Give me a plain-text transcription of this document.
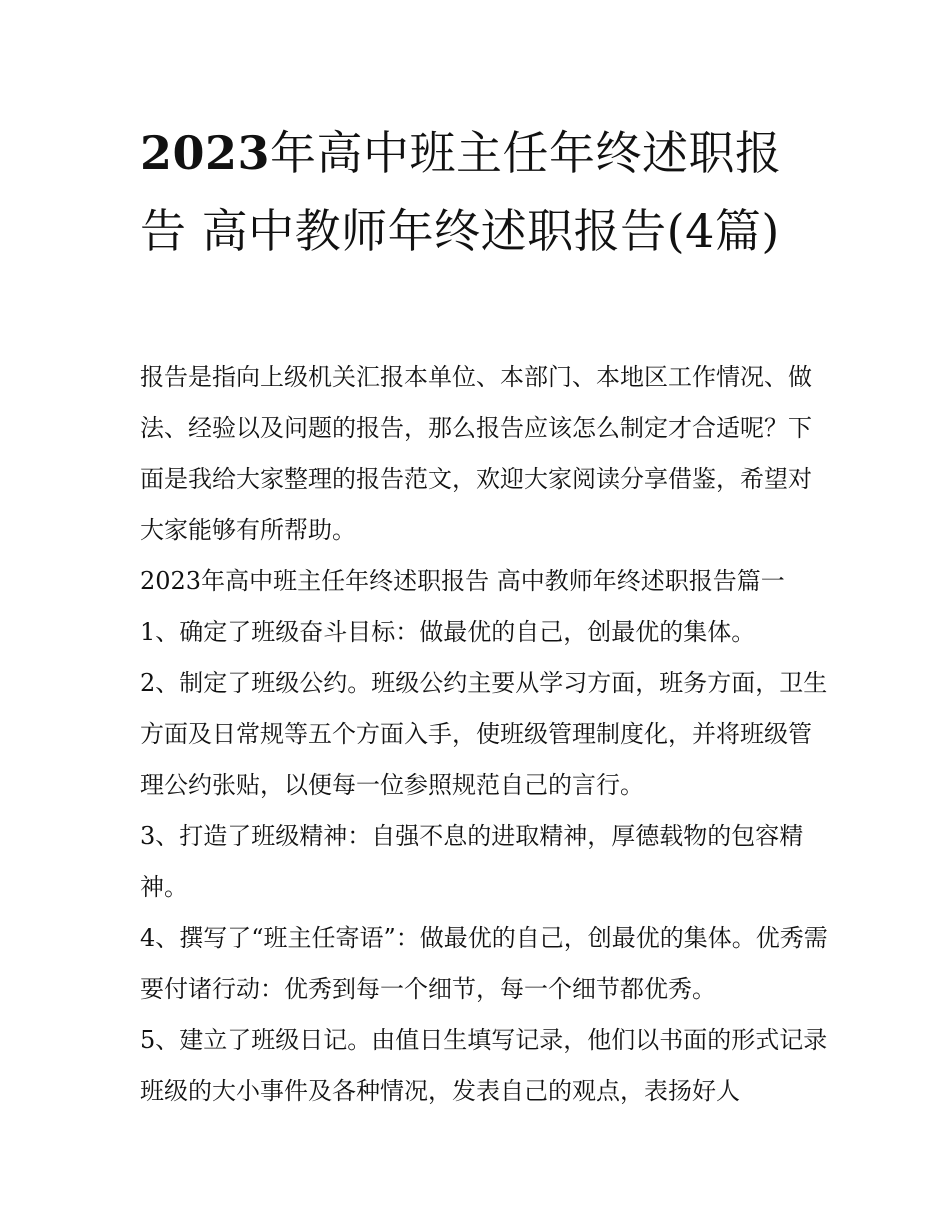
2023年高中班主任年终述职报告 高中教师年终述职报告(4篇)

报告是指向上级机关汇报本单位、本部门、本地区工作情况、做法、经验以及问题的报告，那么报告应该怎么制定才合适呢？下面是我给大家整理的报告范文，欢迎大家阅读分享借鉴，希望对大家能够有所帮助。

2023年高中班主任年终述职报告 高中教师年终述职报告篇一

1、确定了班级奋斗目标：做最优的自己，创最优的集体。

2、制定了班级公约。班级公约主要从学习方面，班务方面，卫生方面及日常规等五个方面入手，使班级管理制度化，并将班级管理公约张贴，以便每一位参照规范自己的言行。

3、打造了班级精神：自强不息的进取精神，厚德载物的包容精神。

4、撰写了“班主任寄语”：做最优的自己，创最优的集体。优秀需要付诸行动：优秀到每一个细节，每一个细节都优秀。

5、建立了班级日记。由值日生填写记录，他们以书面的形式记录班级的大小事件及各种情况，发表自己的观点，表扬好人
